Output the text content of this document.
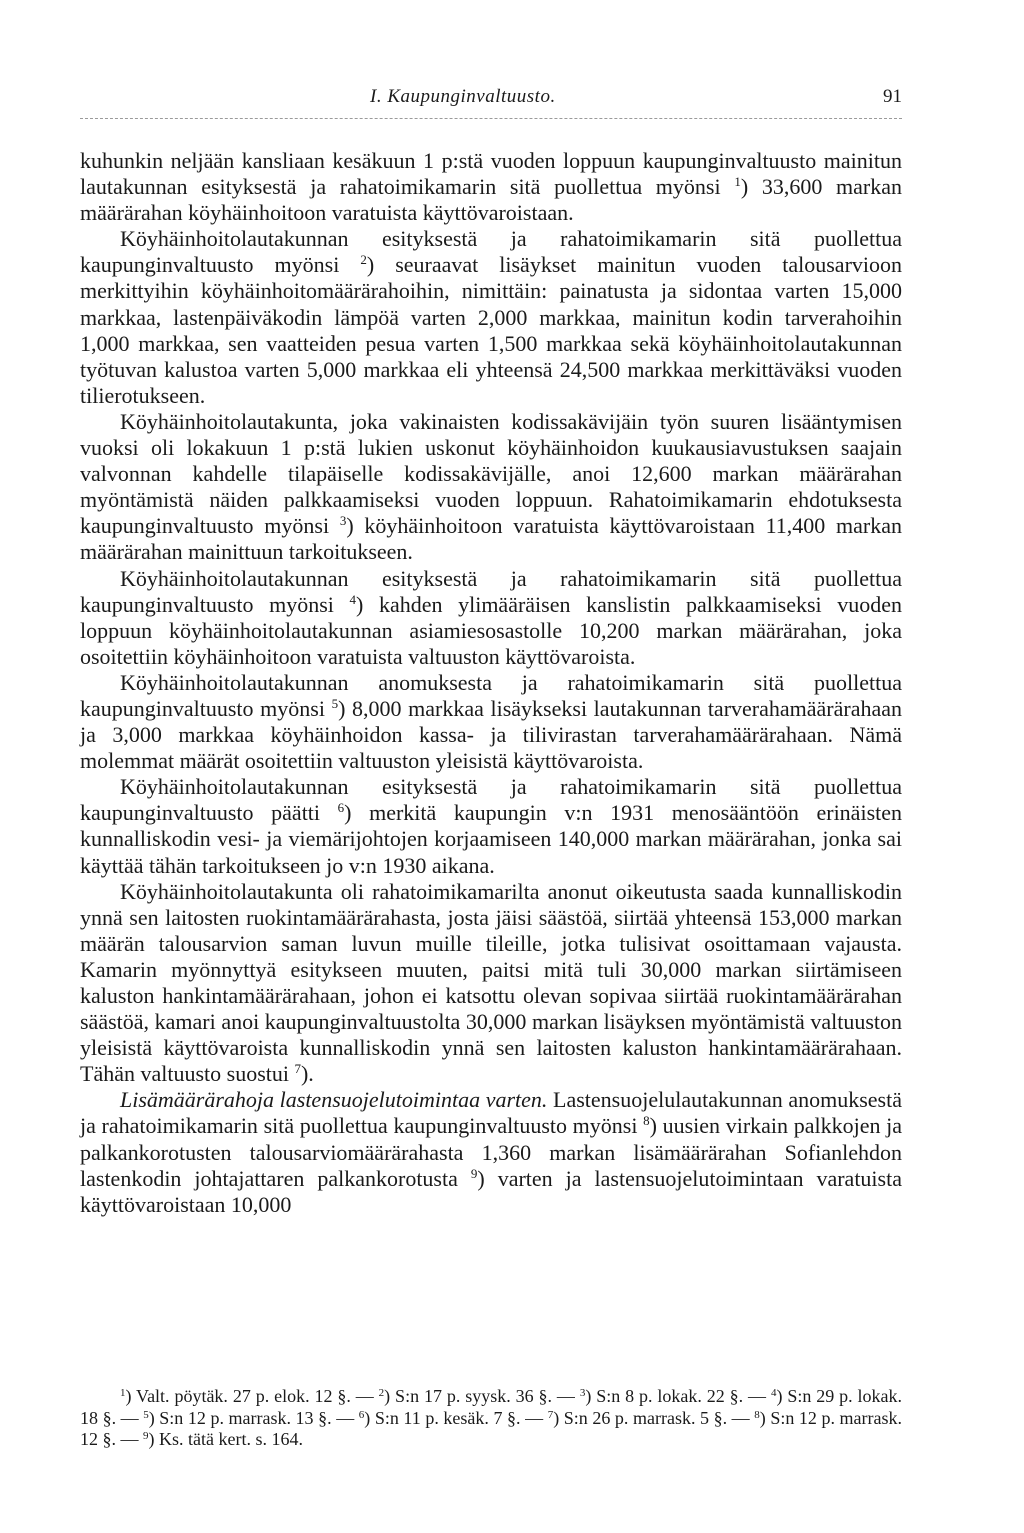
I. Kaupunginvaltuusto.	91

kuhunkin neljään kansliaan kesäkuun 1 p:stä vuoden loppuun kaupunginvaltuusto mainitun lautakunnan esityksestä ja rahatoimikamarin sitä puollettua myönsi $^1$) 33,600 markan määrärahan köyhäinhoitoon varatuista käyttövaroistaan.

Köyhäinhoitolautakunnan esityksestä ja rahatoimikamarin sitä puollettua kaupunginvaltuusto myönsi $^2$) seuraavat lisäykset mainitun vuoden talousarvioon merkittyihin köyhäinhoitomäärärahoihin, nimittäin: painatusta ja sidontaa varten 15,000 markkaa, lastenpäiväkodin lämpöä varten 2,000 markkaa, mainitun kodin tarverahoihin 1,000 markkaa, sen vaatteiden pesua varten 1,500 markkaa sekä köyhäinhoitolautakunnan työtuvan kalustoa varten 5,000 markkaa eli yhteensä 24,500 markkaa merkittäväksi vuoden tilierotukseen.

Köyhäinhoitolautakunta, joka vakinaisten kodissakävijäin työn suuren lisääntymisen vuoksi oli lokakuun 1 p:stä lukien uskonut köyhäinhoidon kuukausiavustuksen saajain valvonnan kahdelle tilapäiselle kodissakävijälle, anoi 12,600 markan määrärahan myöntämistä näiden palkkaamiseksi vuoden loppuun. Rahatoimikamarin ehdotuksesta kaupunginvaltuusto myönsi $^3$) köyhäinhoitoon varatuista käyttövaroistaan 11,400 markan määrärahan mainittuun tarkoitukseen.

Köyhäinhoitolautakunnan esityksestä ja rahatoimikamarin sitä puollettua kaupunginvaltuusto myönsi $^4$) kahden ylimääräisen kanslistin palkkaamiseksi vuoden loppuun köyhäinhoitolautakunnan asiamiesosastolle 10,200 markan määrärahan, joka osoitettiin köyhäinhoitoon varatuista valtuuston käyttövaroista.

Köyhäinhoitolautakunnan anomuksesta ja rahatoimikamarin sitä puollettua kaupunginvaltuusto myönsi $^5$) 8,000 markkaa lisäykseksi lautakunnan tarverahamäärärahaan ja 3,000 markkaa köyhäinhoidon kassa- ja tilivirastan tarverahamäärärahaan. Nämä molemmat määrät osoitettiin valtuuston yleisistä käyttövaroista.

Köyhäinhoitolautakunnan esityksestä ja rahatoimikamarin sitä puollettua kaupunginvaltuusto päätti $^6$) merkitä kaupungin v:n 1931 menosääntöön erinäisten kunnalliskodin vesi- ja viemärijohtojen korjaamiseen 140,000 markan määrärahan, jonka sai käyttää tähän tarkoitukseen jo v:n 1930 aikana.

Köyhäinhoitolautakunta oli rahatoimikamarilta anonut oikeutusta saada kunnalliskodin ynnä sen laitosten ruokintamäärärahasta, josta jäisi säästöä, siirtää yhteensä 153,000 markan määrän talousarvion saman luvun muille tileille, jotka tulisivat osoittamaan vajausta. Kamarin myönnyttyä esitykseen muuten, paitsi mitä tuli 30,000 markan siirtämiseen kaluston hankintamäärärahaan, johon ei katsottu olevan sopivaa siirtää ruokintamäärärahan säästöä, kamari anoi kaupunginvaltuustolta 30,000 markan lisäyksen myöntämistä valtuuston yleisistä käyttövaroista kunnalliskodin ynnä sen laitosten kaluston hankintamäärärahaan. Tähän valtuusto suostui $^7$).

Lisämäärärahoja lastensuojelutoimintaa varten. Lastensuojelulautakunnan anomuksestä ja rahatoimikamarin sitä puollettua kaupunginvaltuusto myönsi $^8$) uusien virkain palkkojen ja palkankorotusten talousarviomäärärahasta 1,360 markan lisämäärärahan Sofianlehdon lastenkodin johtajattaren palkankorotusta $^9$) varten ja lastensuojelutoimintaan varatuista käyttövaroistaan 10,000

$^1$) Valt. pöytäk. 27 p. elok. 12 §. — $^2$) S:n 17 p. syysk. 36 §. — $^3$) S:n 8 p. lokak. 22 §. — $^4$) S:n 29 p. lokak. 18 §. — $^5$) S:n 12 p. marrask. 13 §. — $^6$) S:n 11 p. kesäk. 7 §. — $^7$) S:n 26 p. marrask. 5 §. — $^8$) S:n 12 p. marrask. 12 §. — $^9$) Ks. tätä kert. s. 164.
